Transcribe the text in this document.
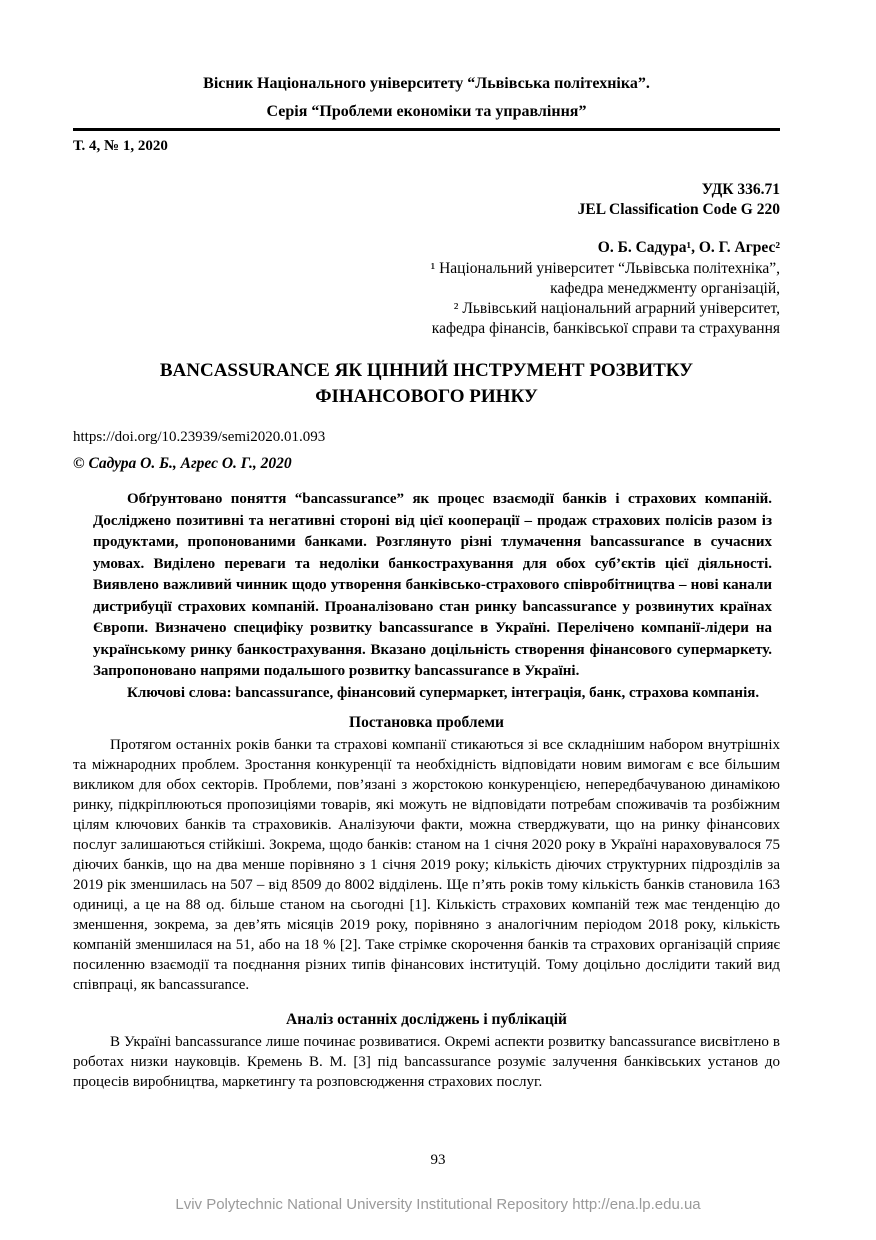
Вісник Національного університету “Львівська політехніка”.
Серія “Проблеми економіки та управління”
Т. 4, № 1, 2020
УДК 336.71
JEL Classification Code G 220
О. Б. Садура¹, О. Г. Агрес²
¹ Національний університет “Львівська політехніка”,
кафедра менеджменту організацій,
² Львівський національний аграрний університет,
кафедра фінансів, банківської справи та страхування
BANCASSURANCE ЯК ЦІННИЙ ІНСТРУМЕНТ РОЗВИТКУ
ФІНАНСОВОГО РИНКУ
https://doi.org/10.23939/semi2020.01.093
© Садура О. Б., Агрес О. Г., 2020

Обґрунтовано поняття “bancassurance” як процес взаємодії банків і страхових компаній. Досліджено позитивні та негативні стороні від цієї кооперації – продаж страхових полісів разом із продуктами, пропонованими банками. Розглянуто різні тлумачення bancassurance в сучасних умовах. Виділено переваги та недоліки банкострахування для обох суб’єктів цієї діяльності. Виявлено важливий чинник щодо утворення банківсько-страхового співробітництва – нові канали дистрибуції страхових компаній. Проаналізовано стан ринку bancassurance у розвинутих країнах Європи. Визначено специфіку розвитку bancassurance в Україні. Перелічено компанії-лідери на українському ринку банкострахування. Вказано доцільність створення фінансового супермаркету. Запропоновано напрями подальшого розвитку bancassurance в Україні.

Ключові слова: bancassurance, фінансовий супермаркет, інтеграція, банк, страхова компанія.

Постановка проблеми

Протягом останніх років банки та страхові компанії стикаються зі все складнішим набором внутрішніх та міжнародних проблем. Зростання конкуренції та необхідність відповідати новим вимогам є все більшим викликом для обох секторів. Проблеми, пов’язані з жорстокою конкуренцією, непередбачуваною динамікою ринку, підкріплюються пропозиціями товарів, які можуть не відповідати потребам споживачів та розбіжним цілям ключових банків та страховиків. Аналізуючи факти, можна стверджувати, що на ринку фінансових послуг залишаються стійкіші. Зокрема, щодо банків: станом на 1 січня 2020 року в Україні нараховувалося 75 діючих банків, що на два менше порівняно з 1 січня 2019 року; кількість діючих структурних підрозділів за 2019 рік зменшилась на 507 – від 8509 до 8002 відділень. Ще п’ять років тому кількість банків становила 163 одиниці, а це на 88 од. більше станом на сьогодні [1]. Кількість страхових компаній теж має тенденцію до зменшення, зокрема, за дев’ять місяців 2019 року, порівняно з аналогічним періодом 2018 року, кількість компаній зменшилася на 51, або на 18 % [2]. Таке стрімке скорочення банків та страхових організацій сприяє посиленню взаємодії та поєднання різних типів фінансових інституцій. Тому доцільно дослідити такий вид співпраці, як bancassurance.

Аналіз останніх досліджень і публікацій

В Україні bancassurance лише починає розвиватися. Окремі аспекти розвитку bancassurance висвітлено в роботах низки науковців. Кремень В. М. [3] під bancassurance розуміє залучення банківських установ до процесів виробництва, маркетингу та розповсюдження страхових послуг.

93
Lviv Polytechnic National University Institutional Repository http://ena.lp.edu.ua
